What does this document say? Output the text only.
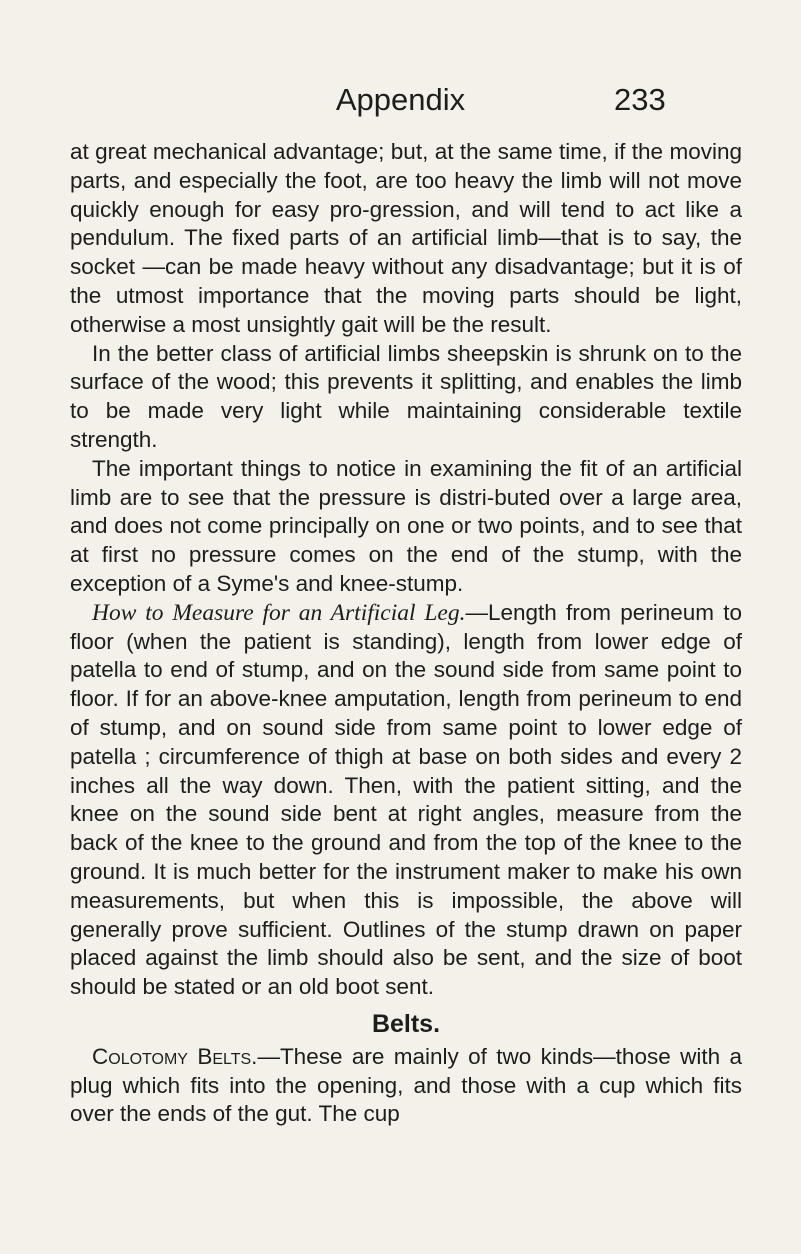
Appendix	233

at great mechanical advantage; but, at the same time, if the moving parts, and especially the foot, are too heavy the limb will not move quickly enough for easy pro-gression, and will tend to act like a pendulum. The fixed parts of an artificial limb—that is to say, the socket —can be made heavy without any disadvantage; but it is of the utmost importance that the moving parts should be light, otherwise a most unsightly gait will be the result.

In the better class of artificial limbs sheepskin is shrunk on to the surface of the wood; this prevents it splitting, and enables the limb to be made very light while maintaining considerable textile strength.

The important things to notice in examining the fit of an artificial limb are to see that the pressure is distri-buted over a large area, and does not come principally on one or two points, and to see that at first no pressure comes on the end of the stump, with the exception of a Syme's and knee-stump.

How to Measure for an Artificial Leg.—Length from perineum to floor (when the patient is standing), length from lower edge of patella to end of stump, and on the sound side from same point to floor. If for an above-knee amputation, length from perineum to end of stump, and on sound side from same point to lower edge of patella ; circumference of thigh at base on both sides and every 2 inches all the way down. Then, with the patient sitting, and the knee on the sound side bent at right angles, measure from the back of the knee to the ground and from the top of the knee to the ground. It is much better for the instrument maker to make his own measurements, but when this is impossible, the above will generally prove sufficient. Outlines of the stump drawn on paper placed against the limb should also be sent, and the size of boot should be stated or an old boot sent.

Belts.

Colotomy Belts.—These are mainly of two kinds—those with a plug which fits into the opening, and those with a cup which fits over the ends of the gut. The cup
